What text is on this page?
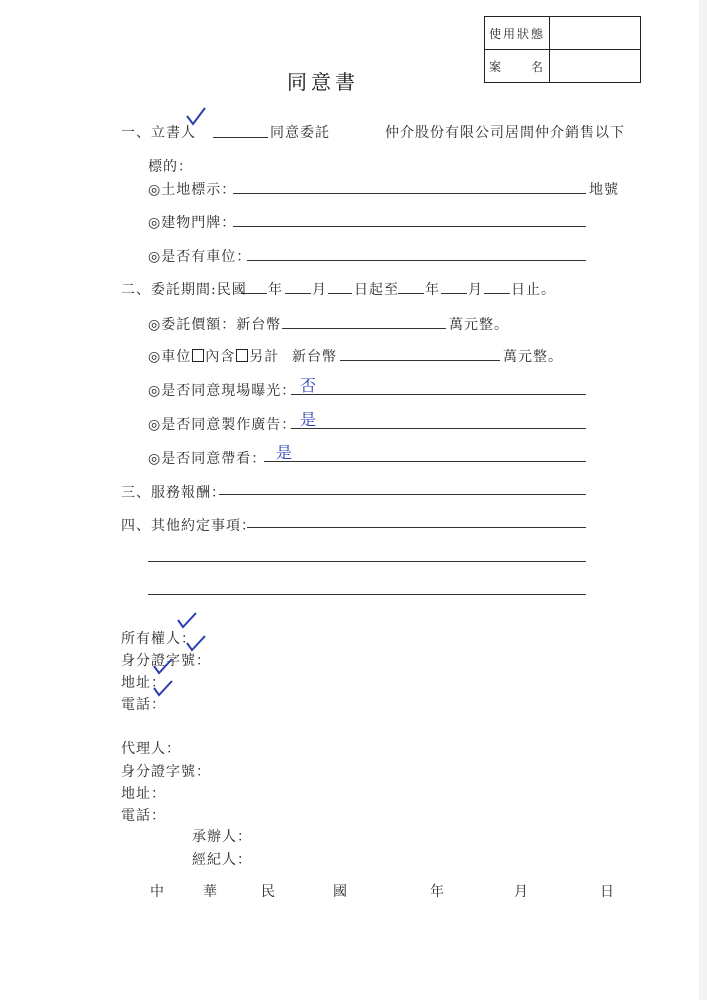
使用狀態	
案　　名	
同意書
一、立書人	同意委託	仲介股份有限公司居間仲介銷售以下
標的：
◎土地標示：	地號
◎建物門牌：
◎是否有車位：
二、委託期間:民國 年 月 日起至 年 月 日止。
◎委託價額：新台幣	萬元整。
◎車位 內含 另計 新台幣	萬元整。
◎是否同意現場曝光： 否
◎是否同意製作廣告： 是
◎是否同意帶看： 是
三、服務報酬：
四、其他約定事項：
所有權人：
身分證字號：
地址：
電話：
代理人：
身分證字號：
地址：
電話：
承辦人：
經紀人：
中	華	民	國	年	月	日
